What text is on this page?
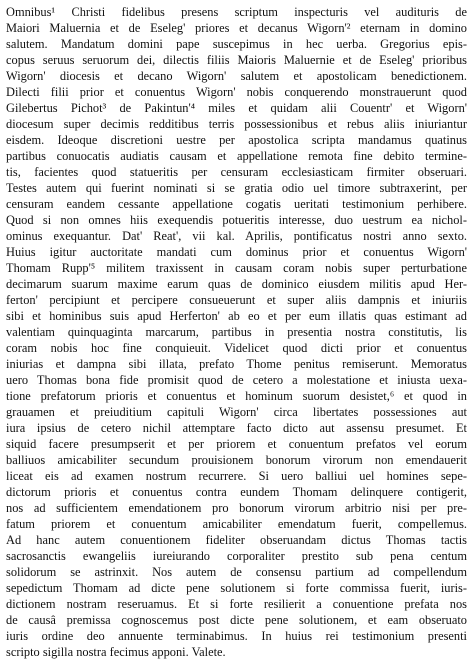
Omnibus¹ Christi fidelibus presens scriptum inspecturis vel audituris de
Maiori Maluernia et de Eseleg' priores et decanus Wigorn'² eternam in domino
salutem. Mandatum domini pape suscepimus in hec uerba. Gregorius epis-
copus seruus seruorum dei, dilectis filiis Maioris Maluernie et de Eseleg' prioribus
Wigorn' diocesis et decano Wigorn' salutem et apostolicam benedictionem.
Dilecti filii prior et conuentus Wigorn' nobis conquerendo monstrauerunt quod
Gilebertus Pichot³ de Pakintun'⁴ miles et quidam alii Couentr' et Wigorn'
diocesum super decimis redditibus terris possessionibus et rebus aliis iniuriantur
eisdem. Ideoque discretioni uestre per apostolica scripta mandamus quatinus
partibus conuocatis audiatis causam et appellatione remota fine debito termine-
tis, facientes quod statueritis per censuram ecclesiasticam firmiter obseruari.
Testes autem qui fuerint nominati si se gratia odio uel timore subtraxerint, per
censuram eandem cessante appellatione cogatis ueritati testimonium perhibere.
Quod si non omnes hiis exequendis potueritis interesse, duo uestrum ea nichol-
ominus exequantur. Dat' Reat', vii kal. Aprilis, pontificatus nostri anno sexto.
Huius igitur auctoritate mandati cum dominus prior et conuentus Wigorn'
Thomam Rupp'⁵ militem traxissent in causam coram nobis super perturbatione
decimarum suarum maxime earum quas de dominico eiusdem militis apud Her-
ferton' percipiunt et percipere consueuerunt et super aliis dampnis et iniuriis
sibi et hominibus suis apud Herferton' ab eo et per eum illatis quas estimant ad
valentiam quinquaginta marcarum, partibus in presentia nostra constitutis, lis
coram nobis hoc fine conquieuit. Videlicet quod dicti prior et conuentus
iniurias et dampna sibi illata, prefato Thome penitus remiserunt. Memoratus
uero Thomas bona fide promisit quod de cetero a molestatione et iniusta uexa-
tione prefatorum prioris et conuentus et hominum suorum desistet,⁶ et quod in
grauamen et preiuditium capituli Wigorn' circa libertates possessiones aut
iura ipsius de cetero nichil attemptare facto dicto aut assensu presumet. Et
siquid facere presumpserit et per priorem et conuentum prefatos vel eorum
balliuos amicabiliter secundum prouisionem bonorum virorum non emendauerit
liceat eis ad examen nostrum recurrere. Si uero balliui uel homines sepe-
dictorum prioris et conuentus contra eundem Thomam delinquere contigerit,
nos ad sufficientem emendationem pro bonorum virorum arbitrio nisi per pre-
fatum priorem et conuentum amicabiliter emendatum fuerit, compellemus.
Ad hanc autem conuentionem fideliter obseruandam dictus Thomas tactis
sacrosanctis ewangeliis iureiurando corporaliter prestito sub pena centum
solidorum se astrinxit. Nos autem de consensu partium ad compellendum
sepedictum Thomam ad dicte pene solutionem si forte commissa fuerit, iuris-
dictionem nostram reseruamus. Et si forte resilierit a conuentione prefata nos
de causâ premissa cognoscemus post dicte pene solutionem, et eam obseruato
iuris ordine deo annuente terminabimus. In huius rei testimonium presenti
scripto sigilla nostra fecimus apponi. Valete.
